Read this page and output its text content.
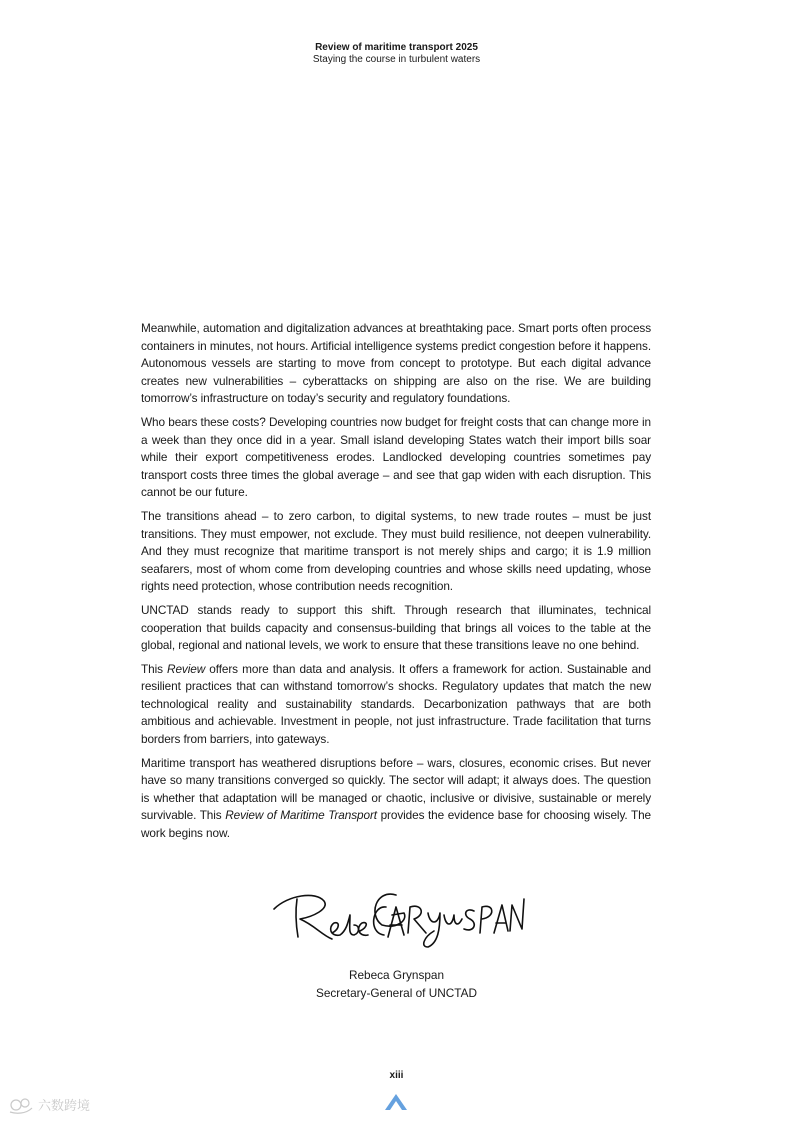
Review of maritime transport 2025
Staying the course in turbulent waters

Meanwhile, automation and digitalization advances at breathtaking pace. Smart ports often process containers in minutes, not hours. Artificial intelligence systems predict congestion before it happens. Autonomous vessels are starting to move from concept to prototype. But each digital advance creates new vulnerabilities – cyberattacks on shipping are also on the rise. We are building tomorrow’s infrastructure on today’s security and regulatory foundations.

Who bears these costs? Developing countries now budget for freight costs that can change more in a week than they once did in a year. Small island developing States watch their import bills soar while their export competitiveness erodes. Landlocked developing countries sometimes pay transport costs three times the global average – and see that gap widen with each disruption. This cannot be our future.

The transitions ahead – to zero carbon, to digital systems, to new trade routes – must be just transitions. They must empower, not exclude. They must build resilience, not deepen vulnerability. And they must recognize that maritime transport is not merely ships and cargo; it is 1.9 million seafarers, most of whom come from developing countries and whose skills need updating, whose rights need protection, whose contribution needs recognition.

UNCTAD stands ready to support this shift. Through research that illuminates, technical cooperation that builds capacity and consensus-building that brings all voices to the table at the global, regional and national levels, we work to ensure that these transitions leave no one behind.

This Review offers more than data and analysis. It offers a framework for action. Sustainable and resilient practices that can withstand tomorrow’s shocks. Regulatory updates that match the new technological reality and sustainability standards. Decarbonization pathways that are both ambitious and achievable. Investment in people, not just infrastructure. Trade facilitation that turns borders from barriers, into gateways.

Maritime transport has weathered disruptions before – wars, closures, economic crises. But never have so many transitions converged so quickly. The sector will adapt; it always does. The question is whether that adaptation will be managed or chaotic, inclusive or divisive, sustainable or merely survivable. This Review of Maritime Transport provides the evidence base for choosing wisely. The work begins now.

Rebeca Grynspan
Secretary-General of UNCTAD
xiii
六数跨境
